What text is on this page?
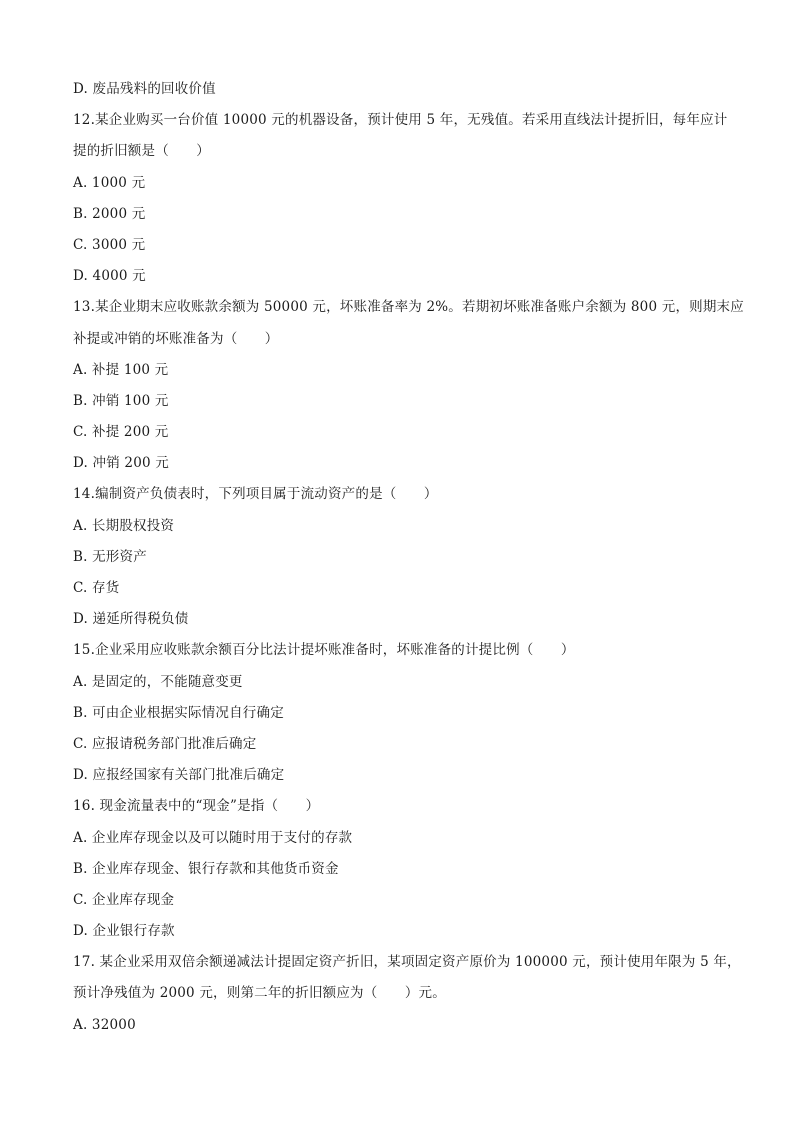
D. 废品残料的回收价值
12.某企业购买一台价值 10000 元的机器设备，预计使用 5 年，无残值。若采用直线法计提折旧，每年应计
提的折旧额是（　　）
A. 1000 元
B. 2000 元
C. 3000 元
D. 4000 元
13.某企业期末应收账款余额为 50000 元，坏账准备率为 2%。若期初坏账准备账户余额为 800 元，则期末应
补提或冲销的坏账准备为（　　）
A. 补提 100 元
B. 冲销 100 元
C. 补提 200 元
D. 冲销 200 元
14.编制资产负债表时，下列项目属于流动资产的是（　　）
A. 长期股权投资
B. 无形资产
C. 存货
D. 递延所得税负债
15.企业采用应收账款余额百分比法计提坏账准备时，坏账准备的计提比例（　　）
A. 是固定的，不能随意变更
B. 可由企业根据实际情况自行确定
C. 应报请税务部门批准后确定
D. 应报经国家有关部门批准后确定
16. 现金流量表中的“现金”是指（　　）
A. 企业库存现金以及可以随时用于支付的存款
B. 企业库存现金、银行存款和其他货币资金
C. 企业库存现金
D. 企业银行存款
17. 某企业采用双倍余额递减法计提固定资产折旧，某项固定资产原价为 100000 元，预计使用年限为 5 年，
预计净残值为 2000 元，则第二年的折旧额应为（　　）元。
A. 32000
